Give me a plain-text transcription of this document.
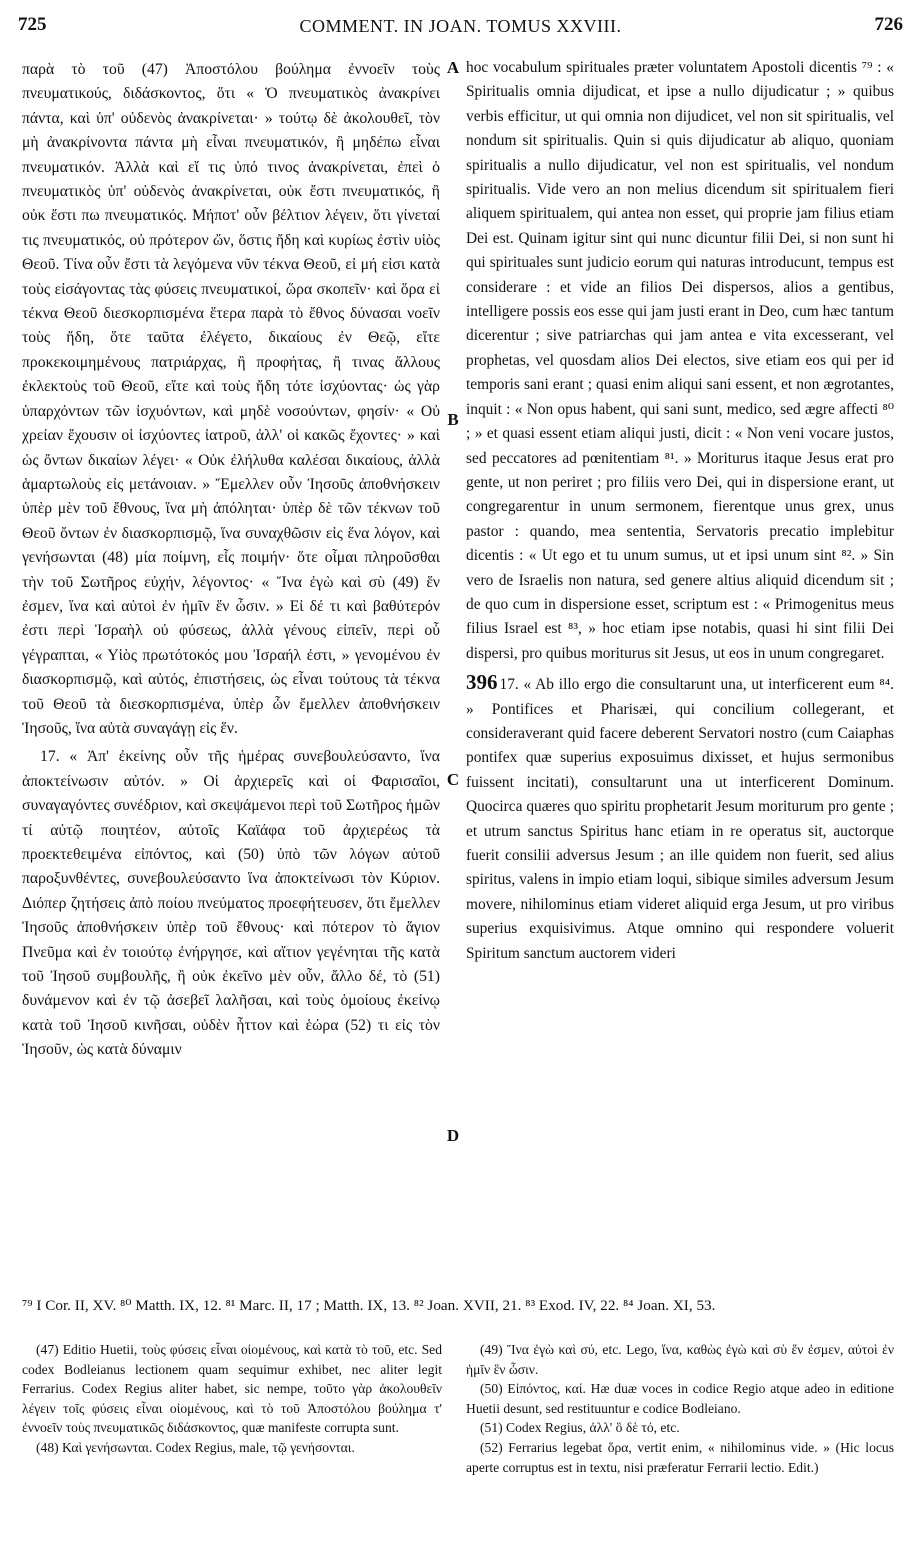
725	COMMENT. IN JOAN. TOMUS XXVIII.	726

παρὰ τὸ τοῦ (47) Ἀποστόλου βούλημα ἐννοεῖν τοὺς πνευματικούς, διδάσκοντος, ὅτι « Ὁ πνευματικὸς ἀνακρίνει πάντα, καὶ ὑπ' οὐδενὸς ἀνακρίνεται· » τούτῳ δὲ ἀκολουθεῖ, τὸν μὴ ἀνακρίνοντα πάντα μὴ εἶναι πνευματικόν, ἢ μηδέπω εἶναι πνευματικόν. Ἀλλὰ καὶ εἴ τις ὑπό τινος ἀνακρίνεται, ἐπεὶ ὁ πνευματικὸς ὑπ' οὐδενὸς ἀνακρίνεται, οὐκ ἔστι πνευματικός, ἢ οὐκ ἔστι πω πνευματικός. Μήποτ' οὖν βέλτιον λέγειν, ὅτι γίνεταί τις πνευματικός, οὐ πρότερον ὤν, ὅστις ἤδη καὶ κυρίως ἐστὶν υἱὸς Θεοῦ. Τίνα οὖν ἔστι τὰ λεγόμενα νῦν τέκνα Θεοῦ, εἰ μή εἰσι κατὰ τοὺς εἰσάγοντας τὰς φύσεις πνευματικοί, ὥρα σκοπεῖν· καὶ ὅρα εἰ τέκνα Θεοῦ διεσκορπισμένα ἕτερα παρὰ τὸ ἔθνος δύνασαι νοεῖν τοὺς ἤδη, ὅτε ταῦτα ἐλέγετο, δικαίους ἐν Θεῷ, εἴτε προκεκοιμημένους πατριάρχας, ἢ προφήτας, ἢ τινας ἄλλους ἐκλεκτοὺς τοῦ Θεοῦ, εἴτε καὶ τοὺς ἤδη τότε ἰσχύοντας· ὡς γὰρ ὑπαρχόντων τῶν ἰσχυόντων, καὶ μηδὲ νοσούντων, φησίν· « Οὐ χρείαν ἔχουσιν οἱ ἰσχύοντες ἰατροῦ, ἀλλ' οἱ κακῶς ἔχοντες· » καὶ ὡς ὄντων δικαίων λέγει· « Οὐκ ἐλήλυθα καλέσαι δικαίους, ἀλλὰ ἁμαρτωλοὺς εἰς μετάνοιαν. » Ἔμελλεν οὖν Ἰησοῦς ἀποθνήσκειν ὑπὲρ μὲν τοῦ ἔθνους, ἵνα μὴ ἀπόληται· ὑπὲρ δὲ τῶν τέκνων τοῦ Θεοῦ ὄντων ἐν διασκορπισμῷ, ἵνα συναχθῶσιν εἰς ἕνα λόγον, καὶ γενήσωνται (48) μία ποίμνη, εἷς ποιμήν· ὅτε οἶμαι πληροῦσθαι τὴν τοῦ Σωτῆρος εὐχήν, λέγοντος· « Ἵνα ἐγὼ καὶ σὺ (49) ἕν ἐσμεν, ἵνα καὶ αὐτοὶ ἐν ἡμῖν ἕν ὦσιν. » Εἰ δέ τι καὶ βαθύτερόν ἐστι περὶ Ἰσραὴλ οὐ φύσεως, ἀλλὰ γένους εἰπεῖν, περὶ οὗ γέγραπται, « Υἱὸς πρωτότοκός μου Ἰσραήλ ἐστι, » γενομένου ἐν διασκορπισμῷ, καὶ αὐτός, ἐπιστήσεις, ὡς εἶναι τούτους τὰ τέκνα τοῦ Θεοῦ τὰ διεσκορπισμένα, ὑπὲρ ὧν ἔμελλεν ἀποθνήσκειν Ἰησοῦς, ἵνα αὐτὰ συναγάγῃ εἰς ἕν.

17. « Ἀπ' ἐκείνης οὖν τῆς ἡμέρας συνεβουλεύσαντο, ἵνα ἀποκτείνωσιν αὐτόν. » Οἱ ἀρχιερεῖς καὶ οἱ Φαρισαῖοι, συναγαγόντες συνέδριον, καὶ σκεψάμενοι περὶ τοῦ Σωτῆρος ἡμῶν τί αὐτῷ ποιητέον, αὐτοῖς Καϊάφα τοῦ ἀρχιερέως τὰ προεκτεθειμένα εἰπόντος, καὶ (50) ὑπὸ τῶν λόγων αὐτοῦ παροξυνθέντες, συνεβουλεύσαντο ἵνα ἀποκτείνωσι τὸν Κύριον. Διόπερ ζητήσεις ἀπὸ ποίου πνεύματος προεφήτευσεν, ὅτι ἔμελλεν Ἰησοῦς ἀποθνήσκειν ὑπὲρ τοῦ ἔθνους· καὶ πότερον τὸ ἅγιον Πνεῦμα καὶ ἐν τοιούτῳ ἐνήργησε, καὶ αἴτιον γεγένηται τῆς κατὰ τοῦ Ἰησοῦ συμβουλῆς, ἢ οὐκ ἐκεῖνο μὲν οὖν, ἄλλο δέ, τὸ (51) δυνάμενον καὶ ἐν τῷ ἀσεβεῖ λαλῆσαι, καὶ τοὺς ὁμοίους ἐκείνῳ κατὰ τοῦ Ἰησοῦ κινῆσαι, οὐδὲν ἧττον καὶ ἑώρα (52) τι εἰς τὸν Ἰησοῦν, ὡς κατὰ δύναμιν

A
B
C
D

hoc vocabulum spirituales præter voluntatem Apostoli dicentis ⁷⁹ : « Spiritualis omnia dijudicat, et ipse a nullo dijudicatur ; » quibus verbis efficitur, ut qui omnia non dijudicet, vel non sit spiritualis, vel nondum sit spiritualis. Quin si quis dijudicatur ab aliquo, quoniam spiritualis a nullo dijudicatur, vel non est spiritualis, vel nondum spiritualis. Vide vero an non melius dicendum sit spiritualem fieri aliquem spiritualem, qui antea non esset, qui proprie jam filius etiam Dei est. Quinam igitur sint qui nunc dicuntur filii Dei, si non sunt hi qui spirituales sunt judicio eorum qui naturas introducunt, tempus est considerare : et vide an filios Dei dispersos, alios a gentibus, intelligere possis eos esse qui jam justi erant in Deo, cum hæc tantum dicerentur ; sive patriarchas qui jam antea e vita excesserant, vel prophetas, vel quosdam alios Dei electos, sive etiam eos qui per id temporis sani erant ; quasi enim aliqui sani essent, et non ægrotantes, inquit : « Non opus habent, qui sani sunt, medico, sed ægre affecti ⁸⁰ ; » et quasi essent etiam aliqui justi, dicit : « Non veni vocare justos, sed peccatores ad pœnitentiam ⁸¹. » Moriturus itaque Jesus erat pro gente, ut non periret ; pro filiis vero Dei, qui in dispersione erant, ut congregarentur in unum sermonem, fierentque unus grex, unus pastor : quando, mea sententia, Servatoris precatio implebitur dicentis : « Ut ego et tu unum sumus, ut et ipsi unum sint ⁸². » Sin vero de Israelis non natura, sed genere altius aliquid dicendum sit ; de quo cum in dispersione esset, scriptum est : « Primogenitus meus filius Israel est ⁸³, » hoc etiam ipse notabis, quasi hi sint filii Dei dispersi, pro quibus moriturus sit Jesus, ut eos in unum congregaret.

396 17. « Ab illo ergo die consultarunt una, ut interficerent eum ⁸⁴. » Pontifices et Pharisæi, qui concilium collegerant, et consideraverant quid facere deberent Servatori nostro (cum Caiaphas pontifex quæ superius exposuimus dixisset, et hujus sermonibus fuissent incitati), consultarunt una ut interficerent Dominum. Quocirca quæres quo spiritu prophetarit Jesum moriturum pro gente ; et utrum sanctus Spiritus hanc etiam in re operatus sit, auctorque fuerit consilii adversus Jesum ; an ille quidem non fuerit, sed alius spiritus, valens in impio etiam loqui, sibique similes adversum Jesum movere, nihilominus etiam videret aliquid erga Jesum, ut pro viribus superius exquisivimus. Atque omnino qui respondere voluerit Spiritum sanctum auctorem videri

⁷⁹ I Cor. II, XV. ⁸⁰ Matth. IX, 12. ⁸¹ Marc. II, 17 ; Matth. IX, 13. ⁸² Joan. XVII, 21. ⁸³ Exod. IV, 22. ⁸⁴ Joan. XI, 53.

(47) Editio Huetii, τοὺς φύσεις εἶναι οἰομένους, καὶ κατὰ τὸ τοῦ, etc. Sed codex Bodleianus lectionem quam sequimur exhibet, nec aliter legit Ferrarius. Codex Regius aliter habet, sic nempe, τοῦτο γὰρ ἀκολουθεῖν λέγειν τοῖς φύσεις εἶναι οἰομένους, καὶ τὸ τοῦ Ἀποστόλου βούλημα τ' ἐννοεῖν τοὺς πνευματικῶς διδάσκοντος, quæ manifeste corrupta sunt.

(48) Καὶ γενήσωνται. Codex Regius, male, τῷ γενήσονται.

(49) Ἵνα ἐγὼ καὶ σύ, etc. Lego, ἵνα, καθὼς ἐγὼ καὶ σὺ ἕν ἐσμεν, αὐτοὶ ἐν ἡμῖν ἓν ὦσιν.

(50) Εἰπόντος, καί. Hæ duæ voces in codice Regio atque adeo in editione Huetii desunt, sed restituuntur e codice Bodleiano.

(51) Codex Regius, ἀλλ' ὃ δὲ τό, etc.

(52) Ferrarius legebat ὅρα, vertit enim, « nihilominus vide. » (Hic locus aperte corruptus est in textu, nisi præferatur Ferrarii lectio. Edit.)
